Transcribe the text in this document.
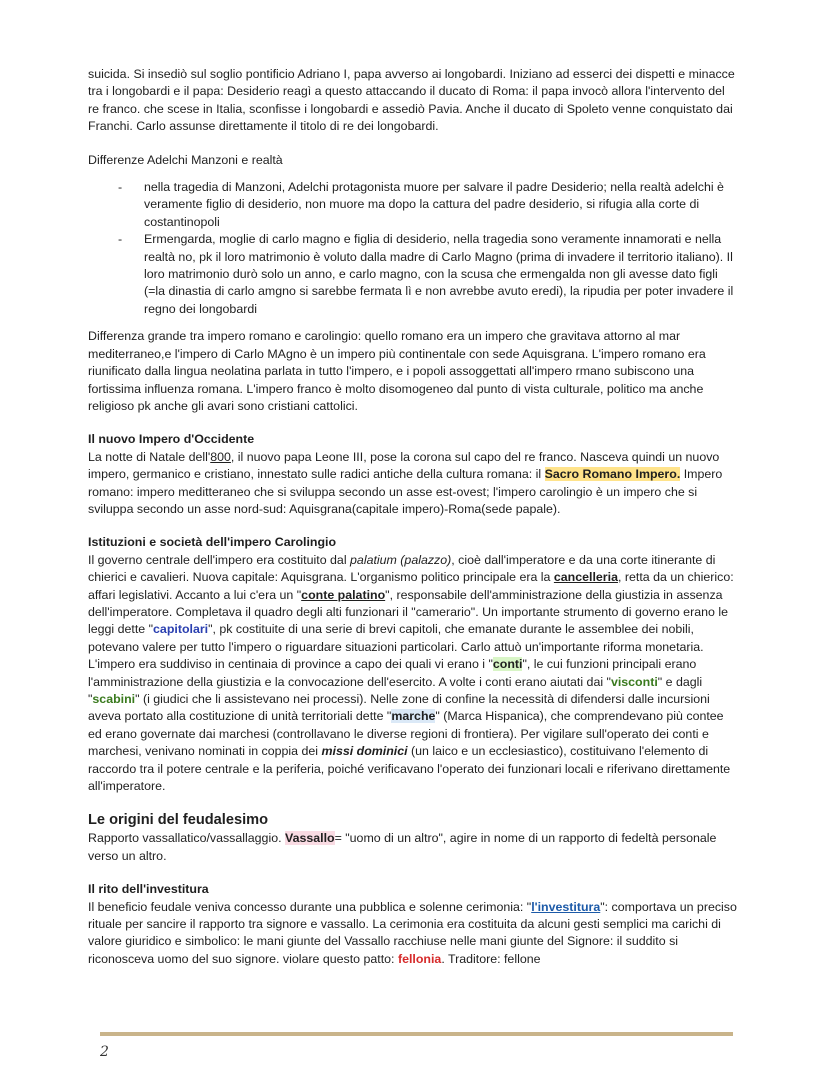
suicida. Si insediò sul soglio pontificio Adriano I, papa avverso ai longobardi. Iniziano ad esserci dei dispetti e minacce tra i longobardi e il papa: Desiderio reagì a questo attaccando il ducato di Roma: il papa invocò allora l'intervento del re franco. che scese in Italia, sconfisse i longobardi e assediò Pavia. Anche il ducato di Spoleto venne conquistato dai Franchi. Carlo assunse direttamente il titolo di re dei longobardi.

Differenze Adelchi Manzoni e realtà

- nella tragedia di Manzoni, Adelchi protagonista muore per salvare il padre Desiderio; nella realtà adelchi è veramente figlio di desiderio, non muore ma dopo la cattura del padre desiderio, si rifugia alla corte di costantinopoli
- Ermengarda, moglie di carlo magno e figlia di desiderio, nella tragedia sono veramente innamorati e nella realtà no, pk il loro matrimonio è voluto dalla madre di Carlo Magno (prima di invadere il territorio italiano). Il loro matrimonio durò solo un anno, e carlo magno, con la scusa che ermengalda non gli avesse dato figli (=la dinastia di carlo amgno si sarebbe fermata lì e non avrebbe avuto eredi), la ripudia per poter invadere il regno dei longobardi

Differenza grande tra impero romano e carolingio: quello romano era un impero che gravitava attorno al mar mediterraneo,e l'impero di Carlo MAgno è un impero più continentale con sede Aquisgrana. L'impero romano era riunificato dalla lingua neolatina parlata in tutto l'impero, e i popoli assoggettati all'impero rmano subiscono una fortissima influenza romana. L'impero franco è molto disomogeneo dal punto di vista culturale, politico ma anche religioso pk anche gli avari sono cristiani cattolici.

Il nuovo Impero d'Occidente

La notte di Natale dell'800, il nuovo papa Leone III, pose la corona sul capo del re franco. Nasceva quindi un nuovo impero, germanico e cristiano, innestato sulle radici antiche della cultura romana: il Sacro Romano Impero. Impero romano: impero meditteraneo che si sviluppa secondo un asse est-ovest; l'impero carolingio è un impero che si sviluppa secondo un asse nord-sud: Aquisgrana(capitale impero)-Roma(sede papale).

Istituzioni e società dell'impero Carolingio

Il governo centrale dell'impero era costituito dal palatium (palazzo), cioè dall'imperatore e da una corte itinerante di chierici e cavalieri. Nuova capitale: Aquisgrana. L'organismo politico principale era la cancelleria, retta da un chierico: affari legislativi. Accanto a lui c'era un "conte palatino", responsabile dell'amministrazione della giustizia in assenza dell'imperatore. Completava il quadro degli alti funzionari il "camerario". Un importante strumento di governo erano le leggi dette "capitolari", pk costituite di una serie di brevi capitoli, che emanate durante le assemblee dei nobili, potevano valere per tutto l'impero o riguardare situazioni particolari. Carlo attuò un'importante riforma monetaria.

L'impero era suddiviso in centinaia di province a capo dei quali vi erano i "conti", le cui funzioni principali erano l'amministrazione della giustizia e la convocazione dell'esercito. A volte i conti erano aiutati dai "visconti" e dagli "scabini" (i giudici che li assistevano nei processi). Nelle zone di confine la necessità di difendersi dalle incursioni aveva portato alla costituzione di unità territoriali dette "marche" (Marca Hispanica), che comprendevano più contee ed erano governate dai marchesi (controllavano le diverse regioni di frontiera). Per vigilare sull'operato dei conti e marchesi, venivano nominati in coppia dei missi dominici (un laico e un ecclesiastico), costituivano l'elemento di raccordo tra il potere centrale e la periferia, poiché verificavano l'operato dei funzionari locali e riferivano direttamente all'imperatore.

Le origini del feudalesimo

Rapporto vassallatico/vassallaggio. Vassallo= "uomo di un altro", agire in nome di un rapporto di fedeltà personale verso un altro.

Il rito dell'investitura

Il beneficio feudale veniva concesso durante una pubblica e solenne cerimonia: "l'investitura": comportava un preciso rituale per sancire il rapporto tra signore e vassallo. La cerimonia era costituita da alcuni gesti semplici ma carichi di valore giuridico e simbolico: le mani giunte del Vassallo racchiuse nelle mani giunte del Signore: il suddito si riconosceva uomo del suo signore. violare questo patto: fellonia. Traditore: fellone

2
